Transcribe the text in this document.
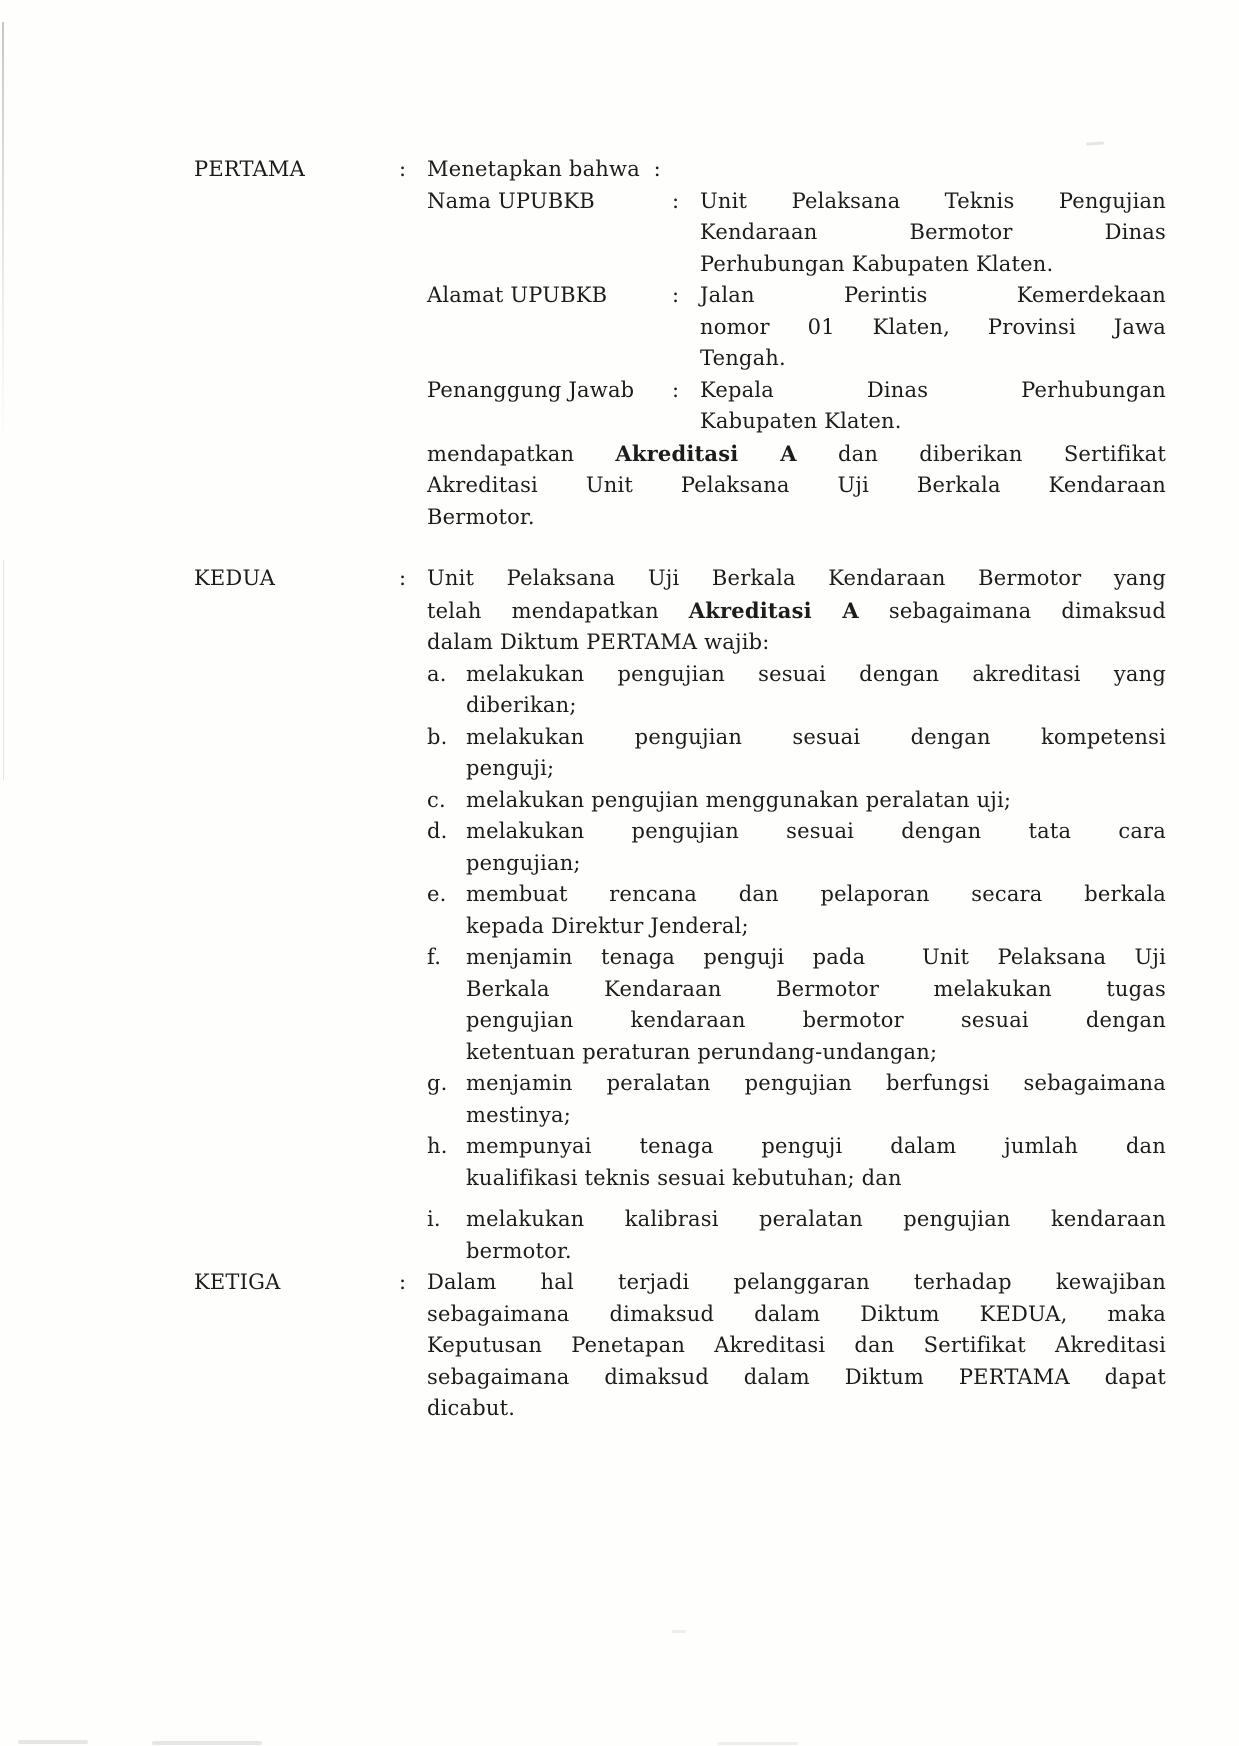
PERTAMA	: Menetapkan bahwa  :
Nama UPUBKB	: Unit Pelaksana Teknis Pengujian
Kendaraan Bermotor Dinas
Perhubungan Kabupaten Klaten.
Alamat UPUBKB	: Jalan Perintis Kemerdekaan
nomor 01 Klaten, Provinsi Jawa
Tengah.
Penanggung Jawab	: Kepala Dinas Perhubungan
Kabupaten Klaten.
mendapatkan Akreditasi A dan diberikan Sertifikat
Akreditasi Unit Pelaksana Uji Berkala Kendaraan
Bermotor.
KEDUA	: Unit Pelaksana Uji Berkala Kendaraan Bermotor yang
telah mendapatkan Akreditasi A sebagaimana dimaksud
dalam Diktum PERTAMA wajib:
a. melakukan pengujian sesuai dengan akreditasi yang
diberikan;
b. melakukan pengujian sesuai dengan kompetensi
penguji;
c. melakukan pengujian menggunakan peralatan uji;
d. melakukan pengujian sesuai dengan tata cara
pengujian;
e. membuat rencana dan pelaporan secara berkala
kepada Direktur Jenderal;
f.	menjamin tenaga penguji pada  Unit Pelaksana Uji
Berkala Kendaraan Bermotor melakukan tugas
pengujian kendaraan bermotor sesuai dengan
ketentuan peraturan perundang-undangan;
g. menjamin peralatan pengujian berfungsi sebagaimana
mestinya;
h. mempunyai tenaga penguji dalam jumlah dan
kualifikasi teknis sesuai kebutuhan; dan
i.	melakukan kalibrasi peralatan pengujian kendaraan
bermotor.
KETIGA	: Dalam hal terjadi pelanggaran terhadap kewajiban
sebagaimana dimaksud dalam Diktum KEDUA, maka
Keputusan Penetapan Akreditasi dan Sertifikat Akreditasi
sebagaimana dimaksud dalam Diktum PERTAMA dapat
dicabut.
